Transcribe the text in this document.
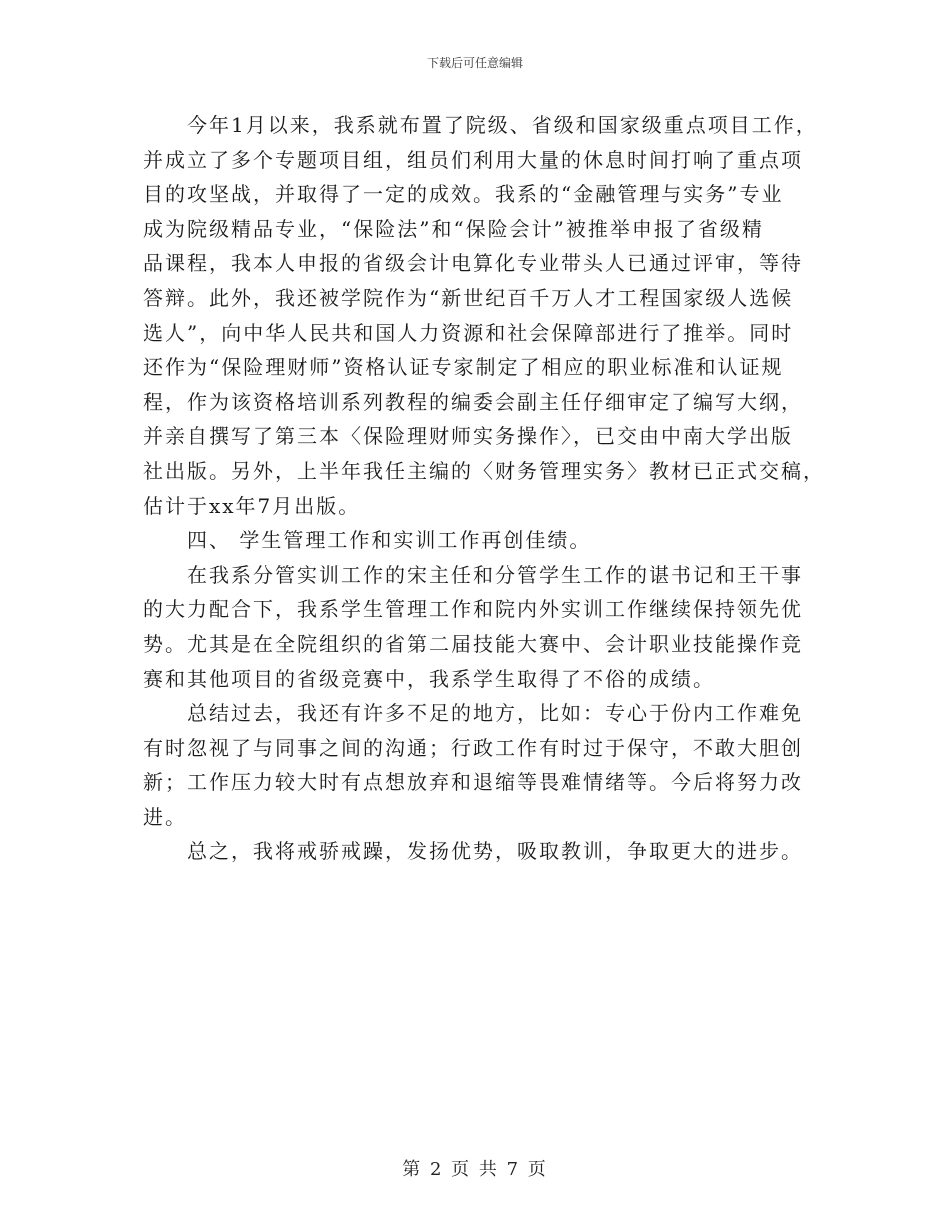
下载后可任意编辑

今年1月以来，我系就布置了院级、省级和国家级重点项目工作，
并成立了多个专题项目组，组员们利用大量的休息时间打响了重点项
目的攻坚战，并取得了一定的成效。我系的“金融管理与实务”专业
成为院级精品专业，“保险法”和“保险会计”被推举申报了省级精
品课程，我本人申报的省级会计电算化专业带头人已通过评审，等待
答辩。此外，我还被学院作为“新世纪百千万人才工程国家级人选候
选人”，向中华人民共和国人力资源和社会保障部进行了推举。同时
还作为“保险理财师”资格认证专家制定了相应的职业标准和认证规
程，作为该资格培训系列教程的编委会副主任仔细审定了编写大纲，
并亲自撰写了第三本〈保险理财师实务操作〉，已交由中南大学出版
社出版。另外，上半年我任主编的〈财务管理实务〉教材已正式交稿，
估计于xx年7月出版。

四、 学生管理工作和实训工作再创佳绩。

在我系分管实训工作的宋主任和分管学生工作的谌书记和王干事
的大力配合下，我系学生管理工作和院内外实训工作继续保持领先优
势。尤其是在全院组织的省第二届技能大赛中、会计职业技能操作竞
赛和其他项目的省级竞赛中，我系学生取得了不俗的成绩。

总结过去，我还有许多不足的地方，比如：专心于份内工作难免
有时忽视了与同事之间的沟通；行政工作有时过于保守，不敢大胆创
新；工作压力较大时有点想放弃和退缩等畏难情绪等。今后将努力改
进。

总之，我将戒骄戒躁，发扬优势，吸取教训，争取更大的进步。

第 2 页 共 7 页
